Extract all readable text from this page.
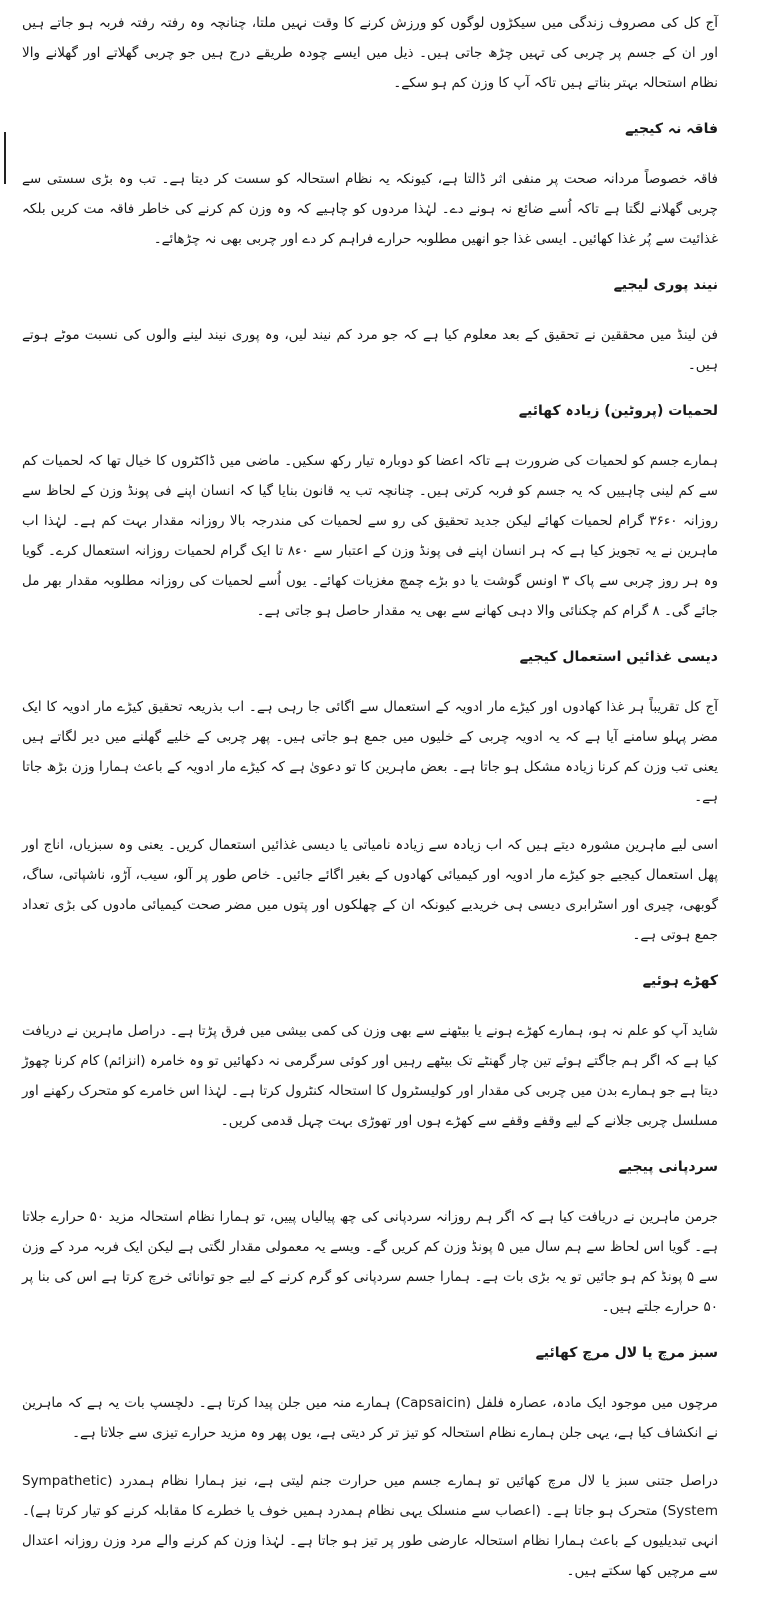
آج کل کی مصروف زندگی میں سیکڑوں لوگوں کو ورزش کرنے کا وقت نہیں ملتا، چنانچہ وہ رفتہ رفتہ فربہ ہو جاتے ہیں اور ان کے جسم پر چربی کی تہیں چڑھ جاتی ہیں۔ ذیل میں ایسے چودہ طریقے درج ہیں جو چربی گھلاتے اور گھلانے والا نظام استحالہ بہتر بناتے ہیں تاکہ آپ کا وزن کم ہو سکے۔

فاقہ نہ کیجیے

فاقہ خصوصاً مردانہ صحت پر منفی اثر ڈالتا ہے، کیونکہ یہ نظام استحالہ کو سست کر دیتا ہے۔ تب وہ بڑی سستی سے چربی گھلانے لگتا ہے تاکہ اُسے ضائع نہ ہونے دے۔ لہٰذا مردوں کو چاہیے کہ وہ وزن کم کرنے کی خاطر فاقہ مت کریں بلکہ غذائیت سے پُر غذا کھائیں۔ ایسی غذا جو انھیں مطلوبہ حرارے فراہم کر دے اور چربی بھی نہ چڑھائے۔

نیند پوری لیجیے

فن لینڈ میں محققین نے تحقیق کے بعد معلوم کیا ہے کہ جو مرد کم نیند لیں، وہ پوری نیند لینے والوں کی نسبت موٹے ہوتے ہیں۔

لحمیات (پروٹین) زیادہ کھائیے

ہمارے جسم کو لحمیات کی ضرورت ہے تاکہ اعضا کو دوبارہ تیار رکھ سکیں۔ ماضی میں ڈاکٹروں کا خیال تھا کہ لحمیات کم سے کم لینی چاہییں کہ یہ جسم کو فربہ کرتی ہیں۔ چنانچہ تب یہ قانون بنایا گیا کہ انسان اپنے فی پونڈ وزن کے لحاظ سے روزانہ ۰ء۳۶ گرام لحمیات کھائے لیکن جدید تحقیق کی رو سے لحمیات کی مندرجہ بالا روزانہ مقدار بہت کم ہے۔ لہٰذا اب ماہرین نے یہ تجویز کیا ہے کہ ہر انسان اپنے فی پونڈ وزن کے اعتبار سے ۰ء۸ تا ایک گرام لحمیات روزانہ استعمال کرے۔ گویا وہ ہر روز چربی سے پاک ۳ اونس گوشت یا دو بڑے چمچ مغزیات کھائے۔ یوں اُسے لحمیات کی روزانہ مطلوبہ مقدار بھر مل جائے گی۔ ۸ گرام کم چکنائی والا دہی کھانے سے بھی یہ مقدار حاصل ہو جاتی ہے۔

دیسی غذائیں استعمال کیجیے

آج کل تقریباً ہر غذا کھادوں اور کیڑے مار ادویہ کے استعمال سے اگائی جا رہی ہے۔ اب بذریعہ تحقیق کیڑے مار ادویہ کا ایک مضر پہلو سامنے آیا ہے کہ یہ ادویہ چربی کے خلیوں میں جمع ہو جاتی ہیں۔ پھر چربی کے خلیے گھلنے میں دیر لگاتے ہیں یعنی تب وزن کم کرنا زیادہ مشکل ہو جاتا ہے۔ بعض ماہرین کا تو دعویٰ ہے کہ کیڑے مار ادویہ کے باعث ہمارا وزن بڑھ جاتا ہے۔

اسی لیے ماہرین مشورہ دیتے ہیں کہ اب زیادہ سے زیادہ نامیاتی یا دیسی غذائیں استعمال کریں۔ یعنی وہ سبزیاں، اناج اور پھل استعمال کیجیے جو کیڑے مار ادویہ اور کیمیائی کھادوں کے بغیر اگائے جائیں۔ خاص طور پر آلو، سیب، آڑو، ناشپاتی، ساگ، گوبھی، چیری اور اسٹرابری دیسی ہی خریدیے کیونکہ ان کے چھلکوں اور پتوں میں مضر صحت کیمیائی مادوں کی بڑی تعداد جمع ہوتی ہے۔

کھڑے ہوئیے

شاید آپ کو علم نہ ہو، ہمارے کھڑے ہونے یا بیٹھنے سے بھی وزن کی کمی بیشی میں فرق پڑتا ہے۔ دراصل ماہرین نے دریافت کیا ہے کہ اگر ہم جاگتے ہوئے تین چار گھنٹے تک بیٹھے رہیں اور کوئی سرگرمی نہ دکھائیں تو وہ خامرہ (انزائم) کام کرنا چھوڑ دیتا ہے جو ہمارے بدن میں چربی کی مقدار اور کولیسٹرول کا استحالہ کنٹرول کرتا ہے۔ لہٰذا اس خامرے کو متحرک رکھنے اور مسلسل چربی جلانے کے لیے وقفے وقفے سے کھڑے ہوں اور تھوڑی بہت چہل قدمی کریں۔

سردپانی پیجیے

جرمن ماہرین نے دریافت کیا ہے کہ اگر ہم روزانہ سردپانی کی چھ پیالیاں پییں، تو ہمارا نظام استحالہ مزید ۵۰ حرارے جلاتا ہے۔ گویا اس لحاظ سے ہم سال میں ۵ پونڈ وزن کم کریں گے۔ ویسے یہ معمولی مقدار لگتی ہے لیکن ایک فربہ مرد کے وزن سے ۵ پونڈ کم ہو جائیں تو یہ بڑی بات ہے۔ ہمارا جسم سردپانی کو گرم کرنے کے لیے جو توانائی خرچ کرتا ہے اس کی بنا پر ۵۰ حرارے جلتے ہیں۔

سبز مرچ یا لال مرچ کھائیے

مرچوں میں موجود ایک مادہ، عصارہ فلفل (Capsaicin) ہمارے منہ میں جلن پیدا کرتا ہے۔ دلچسپ بات یہ ہے کہ ماہرین نے انکشاف کیا ہے، یہی جلن ہمارے نظام استحالہ کو تیز تر کر دیتی ہے، یوں پھر وہ مزید حرارے تیزی سے جلاتا ہے۔

دراصل جتنی سبز یا لال مرچ کھائیں تو ہمارے جسم میں حرارت جنم لیتی ہے، نیز ہمارا نظام ہمدرد (Sympathetic System) متحرک ہو جاتا ہے۔ (اعصاب سے منسلک یہی نظام ہمدرد ہمیں خوف یا خطرے کا مقابلہ کرنے کو تیار کرتا ہے)۔ انہی تبدیلیوں کے باعث ہمارا نظام استحالہ عارضی طور پر تیز ہو جاتا ہے۔ لہٰذا وزن کم کرنے والے مرد وزن روزانہ اعتدال سے مرچیں کھا سکتے ہیں۔
